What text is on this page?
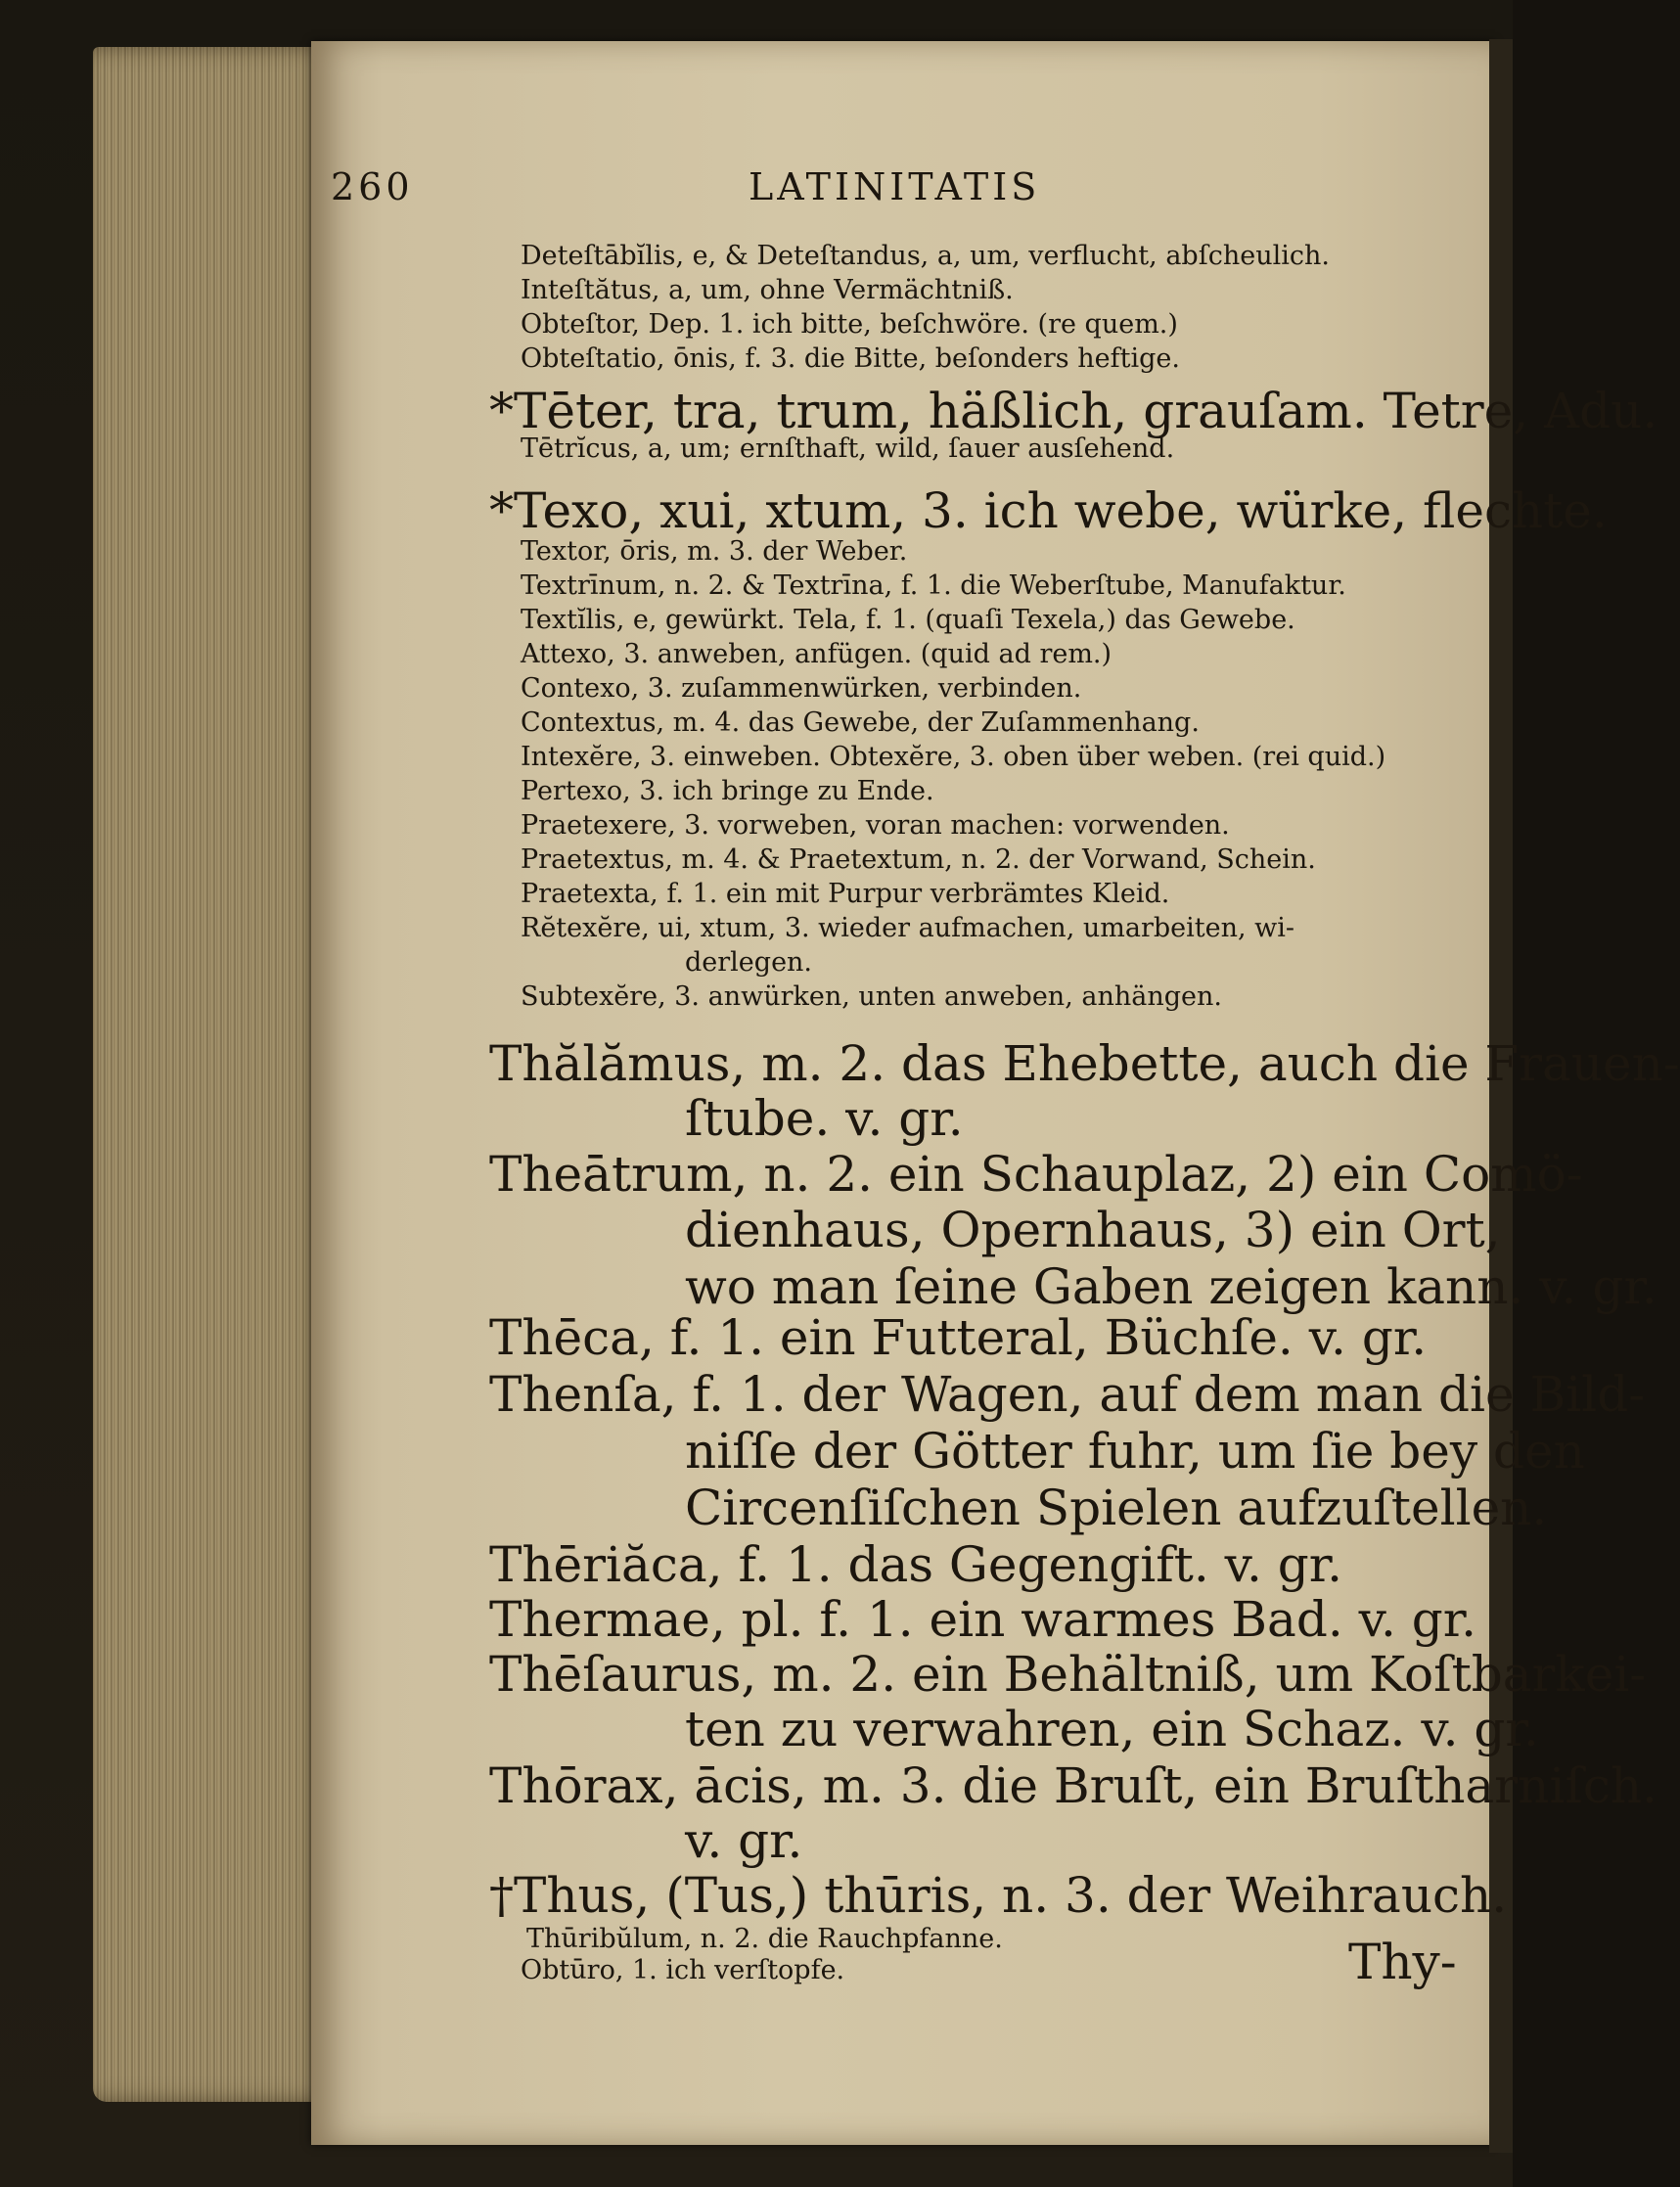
260	LATINITATIS
Deteſtābĭlis, e, & Deteſtandus, a, um, verflucht, abſcheulich.
Inteſtătus, a, um, ohne Vermächtniß.
Obteſtor, Dep. 1. ich bitte, beſchwöre. (re quem.)
Obteſtatio, ōnis, f. 3. die Bitte, beſonders heftige.
*Tēter, tra, trum, häßlich, grauſam. Tetre, Adu.
Tētrĭcus, a, um; ernſthaft, wild, ſauer ausſehend.
*Texo, xui, xtum, 3. ich webe, würke, flechte.
Textor, ōris, m. 3. der Weber.
Textrīnum, n. 2. & Textrīna, f. 1. die Weberſtube, Manufaktur.
Textĭlis, e, gewürkt. Tela, f. 1. (quaſi Texela,) das Gewebe.
Attexo, 3. anweben, anfügen. (quid ad rem.)
Contexo, 3. zuſammenwürken, verbinden.
Contextus, m. 4. das Gewebe, der Zuſammenhang.
Intexĕre, 3. einweben. Obtexĕre, 3. oben über weben. (rei quid.)
Pertexo, 3. ich bringe zu Ende.
Praetexere, 3. vorweben, voran machen: vorwenden.
Praetextus, m. 4. & Praetextum, n. 2. der Vorwand, Schein.
Praetexta, f. 1. ein mit Purpur verbrämtes Kleid.
Rĕtexĕre, ui, xtum, 3. wieder aufmachen, umarbeiten, wi-
derlegen.
Subtexĕre, 3. anwürken, unten anweben, anhängen.
Thălămus, m. 2. das Ehebette, auch die Frauen-
ſtube. v. gr.
Theātrum, n. 2. ein Schauplaz, 2) ein Comö-
dienhaus, Opernhaus, 3) ein Ort,
wo man ſeine Gaben zeigen kann. v. gr.
Thēca, f. 1. ein Futteral, Büchſe. v. gr.
Thenſa, f. 1. der Wagen, auf dem man die Bild-
niſſe der Götter fuhr, um ſie bey den
Circenſiſchen Spielen aufzuſtellen.
Thēriăca, f. 1. das Gegengift. v. gr.
Thermae, pl. f. 1. ein warmes Bad. v. gr.
Thēſaurus, m. 2. ein Behältniß, um Koſtbarkei-
ten zu verwahren, ein Schaz. v. gr.
Thōrax, ācis, m. 3. die Bruſt, ein Bruſtharniſch.
v. gr.
†Thus, (Tus,) thūris, n. 3. der Weihrauch.
Thūribŭlum, n. 2. die Rauchpfanne.
Obtūro, 1. ich verſtopfe.	Thy-
